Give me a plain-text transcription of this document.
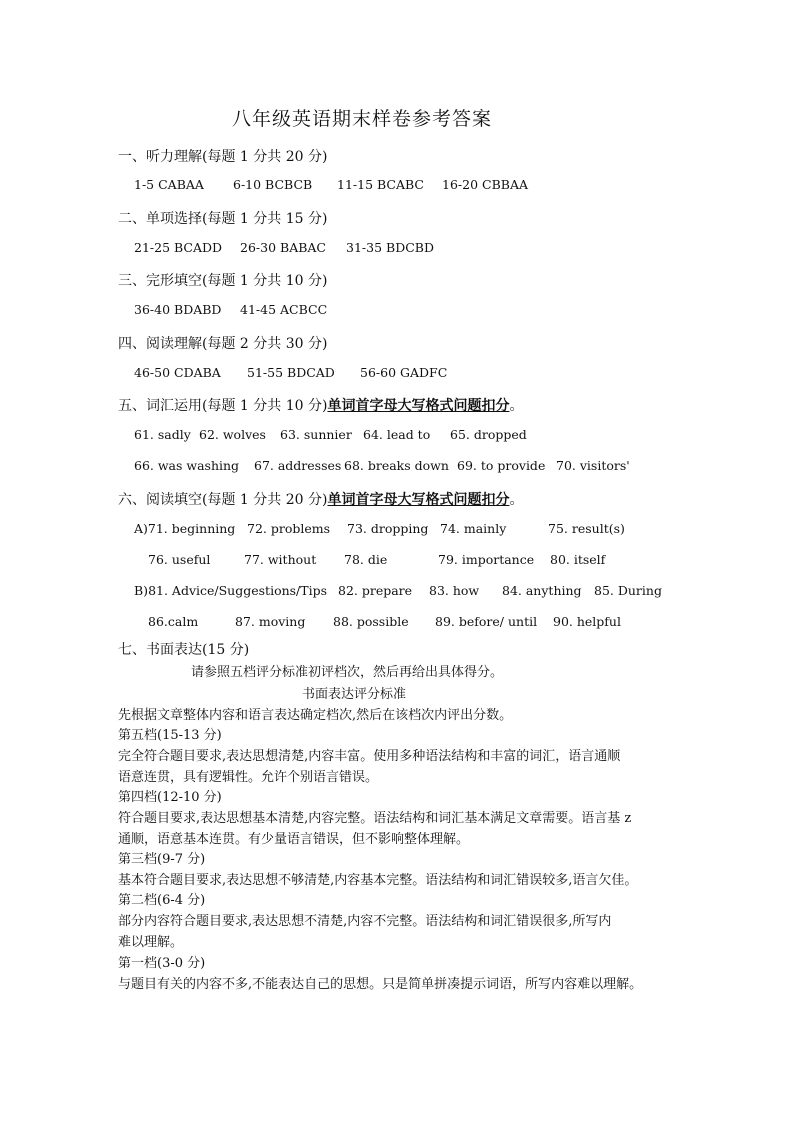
八年级英语期末样卷参考答案
一、听力理解(每题 1 分共 20 分)
1-5 CABAA 6-10 BCBCB 11-15 BCABC 16-20 CBBAA
二、单项选择(每题 1 分共 15 分)
21-25 BCADD 26-30 BABAC 31-35 BDCBD
三、完形填空(每题 1 分共 10 分)
36-40 BDABD 41-45 ACBCC
四、阅读理解(每题 2 分共 30 分)
46-50 CDABA 51-55 BDCAD 56-60 GADFC
五、词汇运用(每题 1 分共 10 分)单词首字母大写格式问题扣分。
61. sadly 62. wolves 63. sunnier 64. lead to 65. dropped
66. was washing 67. addresses 68. breaks down 69. to provide 70. visitors'
六、阅读填空(每题 1 分共 20 分)单词首字母大写格式问题扣分。
A)71. beginning 72. problems 73. dropping 74. mainly	75. result(s)
76. useful	77. without 78. die	79. importance 80. itself
B)81. Advice/Suggestions/Tips 82. prepare 83. how 84. anything 85. During
86.calm	87. moving 88. possible 89. before/ until 90. helpful
七、书面表达(15 分)
请参照五档评分标准初评档次，然后再给出具体得分。
书面表达评分标准
先根据文章整体内容和语言表达确定档次,然后在该档次内评出分数。
第五档(15-13 分)
完全符合题目要求,表达思想清楚,内容丰富。使用多种语法结构和丰富的词汇，语言通顺
语意连贯，具有逻辑性。允许个别语言错误。
第四档(12-10 分)
符合题目要求,表达思想基本清楚,内容完整。语法结构和词汇基本满足文章需要。语言基 z
通顺，语意基本连贯。有少量语言错误，但不影响整体理解。
第三档(9-7 分)
基本符合题目要求,表达思想不够清楚,内容基本完整。语法结构和词汇错误较多,语言欠佳。
第二档(6-4 分)
部分内容符合题目要求,表达思想不清楚,内容不完整。语法结构和词汇错误很多,所写内
难以理解。
第一档(3-0 分)
与题目有关的内容不多,不能表达自己的思想。只是简单拼凑提示词语，所写内容难以理解。
